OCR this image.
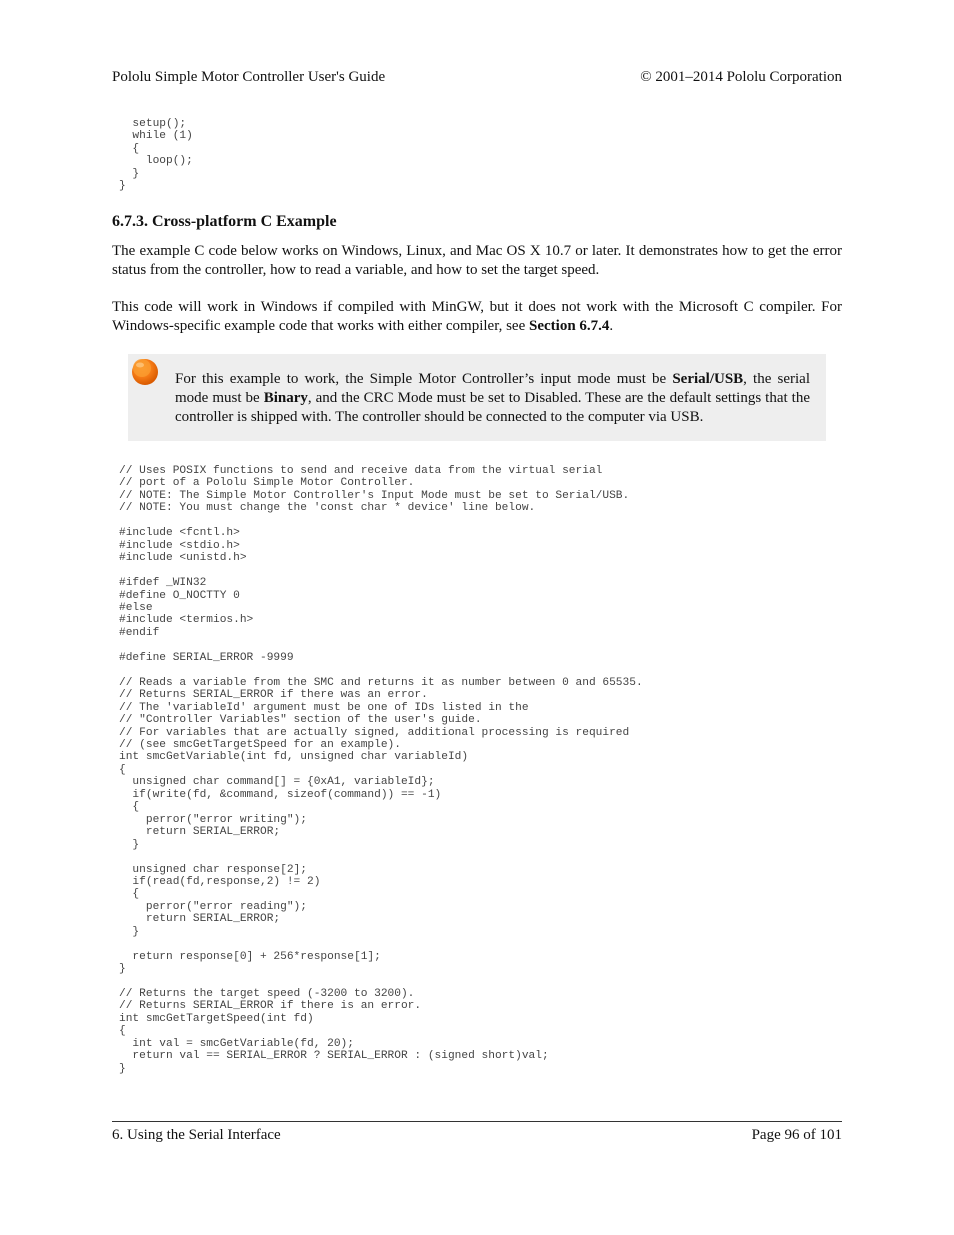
Pololu Simple Motor Controller User's Guide	© 2001–2014 Pololu Corporation
setup();
while (1)
{
loop();
}
}
6.7.3. Cross-platform C Example

The example C code below works on Windows, Linux, and Mac OS X 10.7 or later. It demonstrates how to get the error status from the controller, how to read a variable, and how to set the target speed.

This code will work in Windows if compiled with MinGW, but it does not work with the Microsoft C compiler. For Windows-specific example code that works with either compiler, see Section 6.7.4.

For this example to work, the Simple Motor Controller’s input mode must be Serial/USB, the serial mode must be Binary, and the CRC Mode must be set to Disabled. These are the default settings that the controller is shipped with. The controller should be connected to the computer via USB.
// Uses POSIX functions to send and receive data from the virtual serial
// port of a Pololu Simple Motor Controller.
// NOTE: The Simple Motor Controller's Input Mode must be set to Serial/USB.
// NOTE: You must change the 'const char * device' line below.

#include <fcntl.h>
#include <stdio.h>
#include <unistd.h>

#ifdef _WIN32
#define O_NOCTTY 0
#else
#include <termios.h>
#endif

#define SERIAL_ERROR -9999

// Reads a variable from the SMC and returns it as number between 0 and 65535.
// Returns SERIAL_ERROR if there was an error.
// The 'variableId' argument must be one of IDs listed in the
// "Controller Variables" section of the user's guide.
// For variables that are actually signed, additional processing is required
// (see smcGetTargetSpeed for an example).
int smcGetVariable(int fd, unsigned char variableId)
{
unsigned char command[] = {0xA1, variableId};
if(write(fd, &command, sizeof(command)) == -1)
{
perror("error writing");
return SERIAL_ERROR;
}

unsigned char response[2];
if(read(fd,response,2) != 2)
{
perror("error reading");
return SERIAL_ERROR;
}

return response[0] + 256*response[1];
}

// Returns the target speed (-3200 to 3200).
// Returns SERIAL_ERROR if there is an error.
int smcGetTargetSpeed(int fd)
{
int val = smcGetVariable(fd, 20);
return val == SERIAL_ERROR ? SERIAL_ERROR : (signed short)val;
}
6. Using the Serial Interface	Page 96 of 101
